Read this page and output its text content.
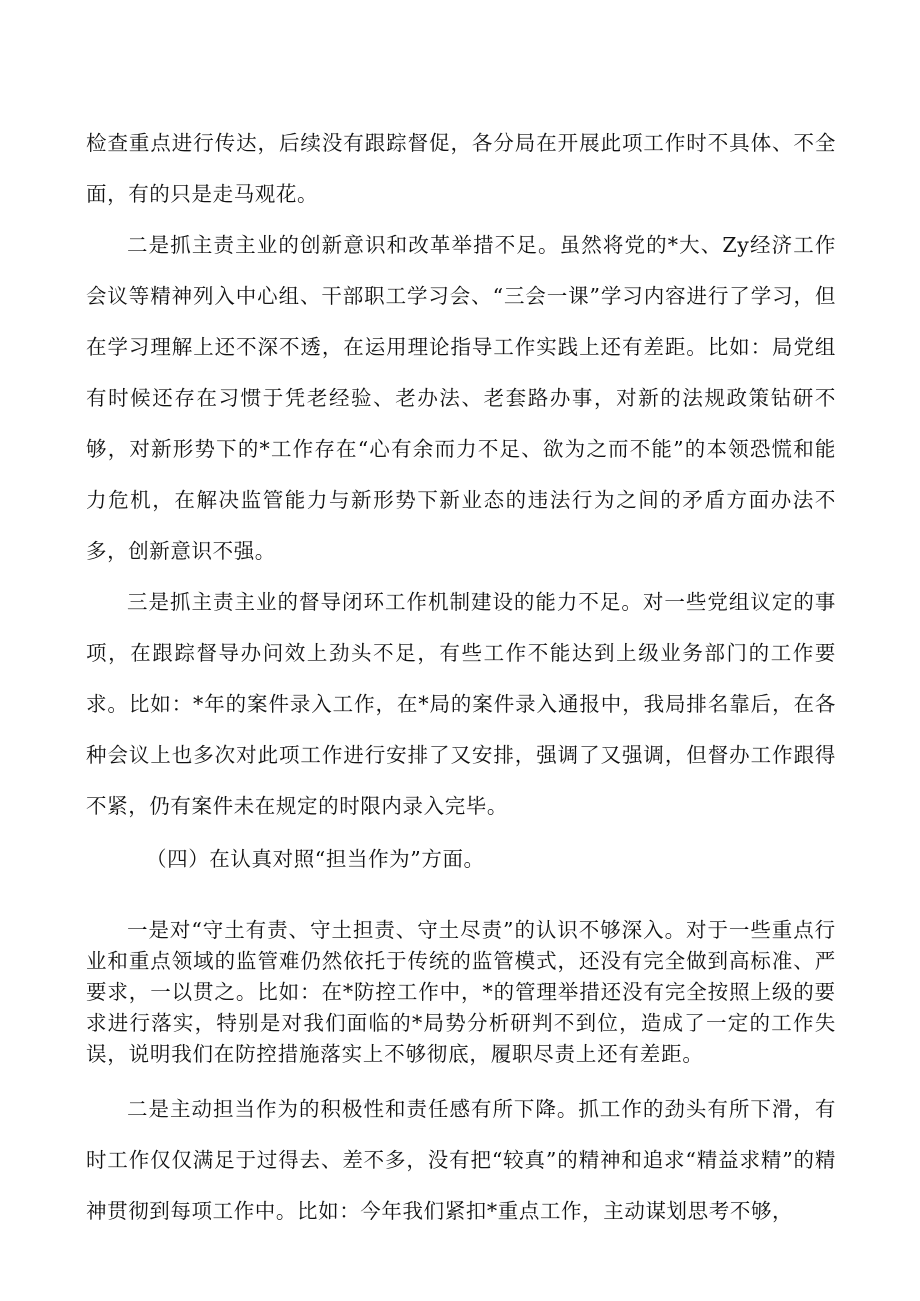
检查重点进行传达，后续没有跟踪督促，各分局在开展此项工作时不具体、不全面，有的只是走马观花。

二是抓主责主业的创新意识和改革举措不足。虽然将党的*大、Zy经济工作会议等精神列入中心组、干部职工学习会、“三会一课”学习内容进行了学习，但在学习理解上还不深不透，在运用理论指导工作实践上还有差距。比如：局党组有时候还存在习惯于凭老经验、老办法、老套路办事，对新的法规政策钻研不够，对新形势下的*工作存在“心有余而力不足、欲为之而不能”的本领恐慌和能力危机，在解决监管能力与新形势下新业态的违法行为之间的矛盾方面办法不多，创新意识不强。

三是抓主责主业的督导闭环工作机制建设的能力不足。对一些党组议定的事项，在跟踪督导办问效上劲头不足，有些工作不能达到上级业务部门的工作要求。比如：*年的案件录入工作，在*局的案件录入通报中，我局排名靠后，在各种会议上也多次对此项工作进行安排了又安排，强调了又强调，但督办工作跟得不紧，仍有案件未在规定的时限内录入完毕。

（四）在认真对照“担当作为”方面。

一是对“守土有责、守土担责、守土尽责”的认识不够深入。对于一些重点行业和重点领域的监管难仍然依托于传统的监管模式，还没有完全做到高标准、严要求，一以贯之。比如：在*防控工作中，*的管理举措还没有完全按照上级的要求进行落实，特别是对我们面临的*局势分析研判不到位，造成了一定的工作失误，说明我们在防控措施落实上不够彻底，履职尽责上还有差距。

二是主动担当作为的积极性和责任感有所下降。抓工作的劲头有所下滑，有时工作仅仅满足于过得去、差不多，没有把“较真”的精神和追求“精益求精”的精神贯彻到每项工作中。比如：今年我们紧扣*重点工作，主动谋划思考不够，
